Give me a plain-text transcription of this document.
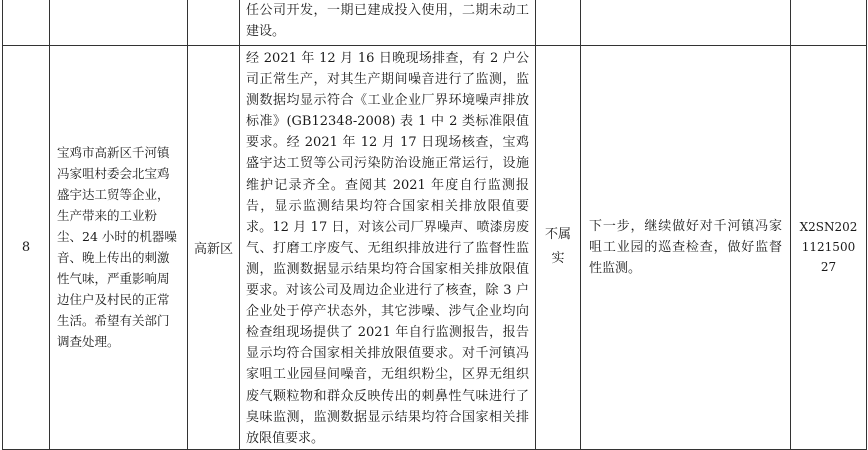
			任公司开发，一期已建成投入使用，二期未动工建设。			

8	宝鸡市高新区千河镇冯家咀村委会北宝鸡盛宇达工贸等企业，生产带来的工业粉尘、24 小时的机器噪音、晚上传出的刺激性气味，严重影响周边住户及村民的正常生活。希望有关部门调查处理。	高新区	经 2021 年 12 月 16 日晚现场排查，有 2 户公司正常生产，对其生产期间噪音进行了监测，监测数据均显示符合《工业企业厂界环境噪声排放标准》(GB12348-2008) 表 1 中 2 类标准限值要求。经 2021 年 12 月 17 日现场核查，宝鸡盛宇达工贸等公司污染防治设施正常运行，设施维护记录齐全。查阅其 2021 年度自行监测报告，显示监测结果均符合国家相关排放限值要求。12 月 17 日，对该公司厂界噪声、喷漆房废气、打磨工序废气、无组织排放进行了监督性监测，监测数据显示结果均符合国家相关排放限值要求。对该公司及周边企业进行了核查，除 3 户企业处于停产状态外，其它涉噪、涉气企业均向检查组现场提供了 2021 年自行监测报告，报告显示均符合国家相关排放限值要求。对千河镇冯家咀工业园昼间噪音，无组织粉尘，区界无组织废气颗粒物和群众反映传出的刺鼻性气味进行了臭味监测，监测数据显示结果均符合国家相关排放限值要求。	不属实	下一步，继续做好对千河镇冯家咀工业园的巡查检查，做好监督性监测。	X2SN202112150027
